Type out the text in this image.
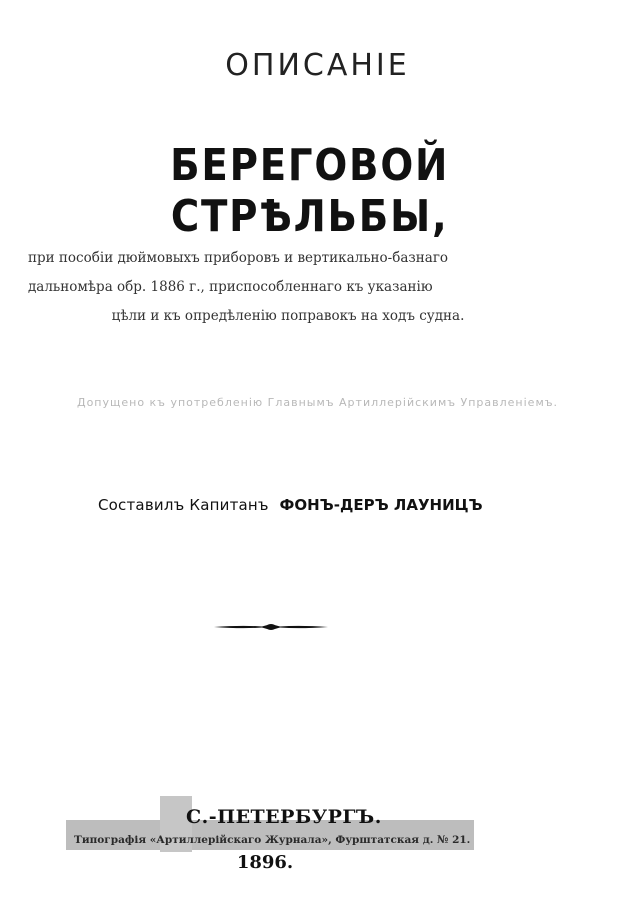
ОПИСАНІЕ
БЕРЕГОВОЙ СТРѢЛЬБЫ,
при пособіи дюймовыхъ приборовъ и вертикально-базнаго
дальномѣра обр. 1886 г., приспособленнаго къ указанію
цѣли и къ опредѣленію поправокъ на ходъ судна.
Допущено къ употребленію Главнымъ Артиллерійскимъ Управленіемъ.
Составилъ Капитанъ ФОНЪ-ДЕРЪ ЛАУНИЦЪ
С.-ПЕТЕРБУРГЪ.
Типографія «Артиллерійскаго Журнала», Фурштатская д. № 21.
1896.
